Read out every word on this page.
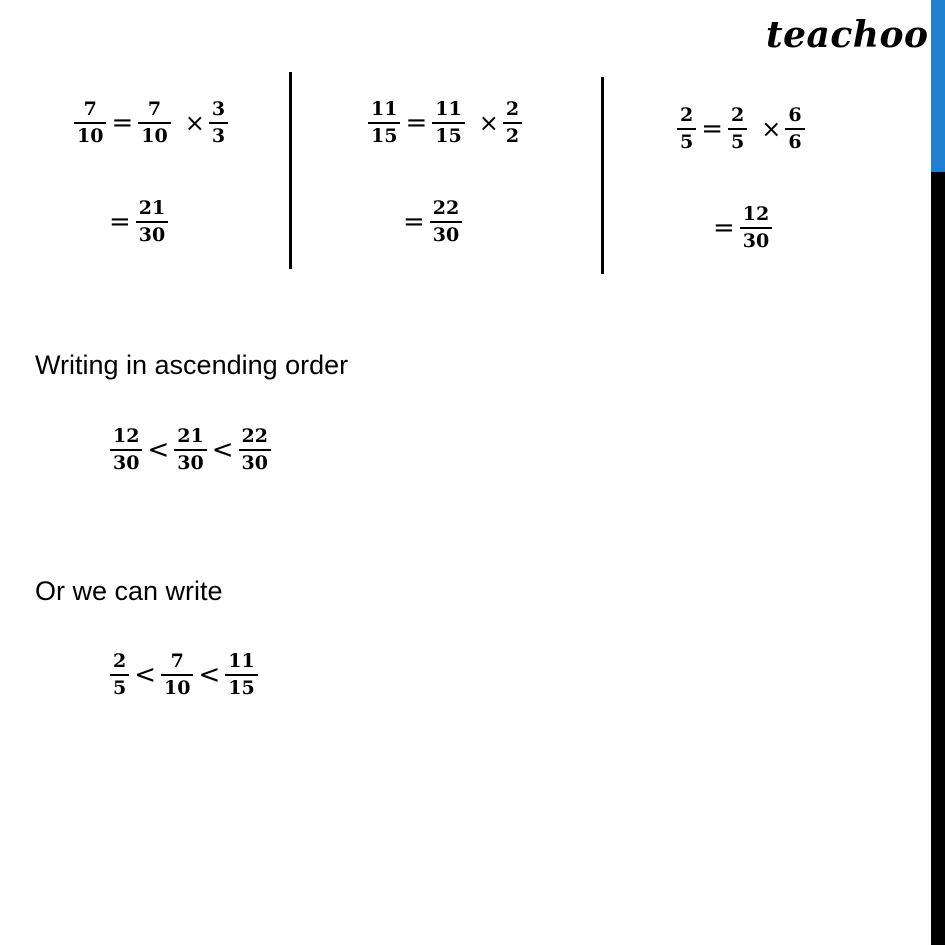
teachoo
$\frac{7}{10} = \frac{7}{10} \times \frac{3}{3}$
= $\frac{21}{30}$
$\frac{11}{15} = \frac{11}{15} \times \frac{2}{2}$
= $\frac{22}{30}$
$\frac{2}{5} = \frac{2}{5} \times \frac{6}{6}$
= $\frac{12}{30}$
Writing in ascending order
$\frac{12}{30} < \frac{21}{30} < \frac{22}{30}$
Or we can write
$\frac{2}{5} < \frac{7}{10} < \frac{11}{15}$
